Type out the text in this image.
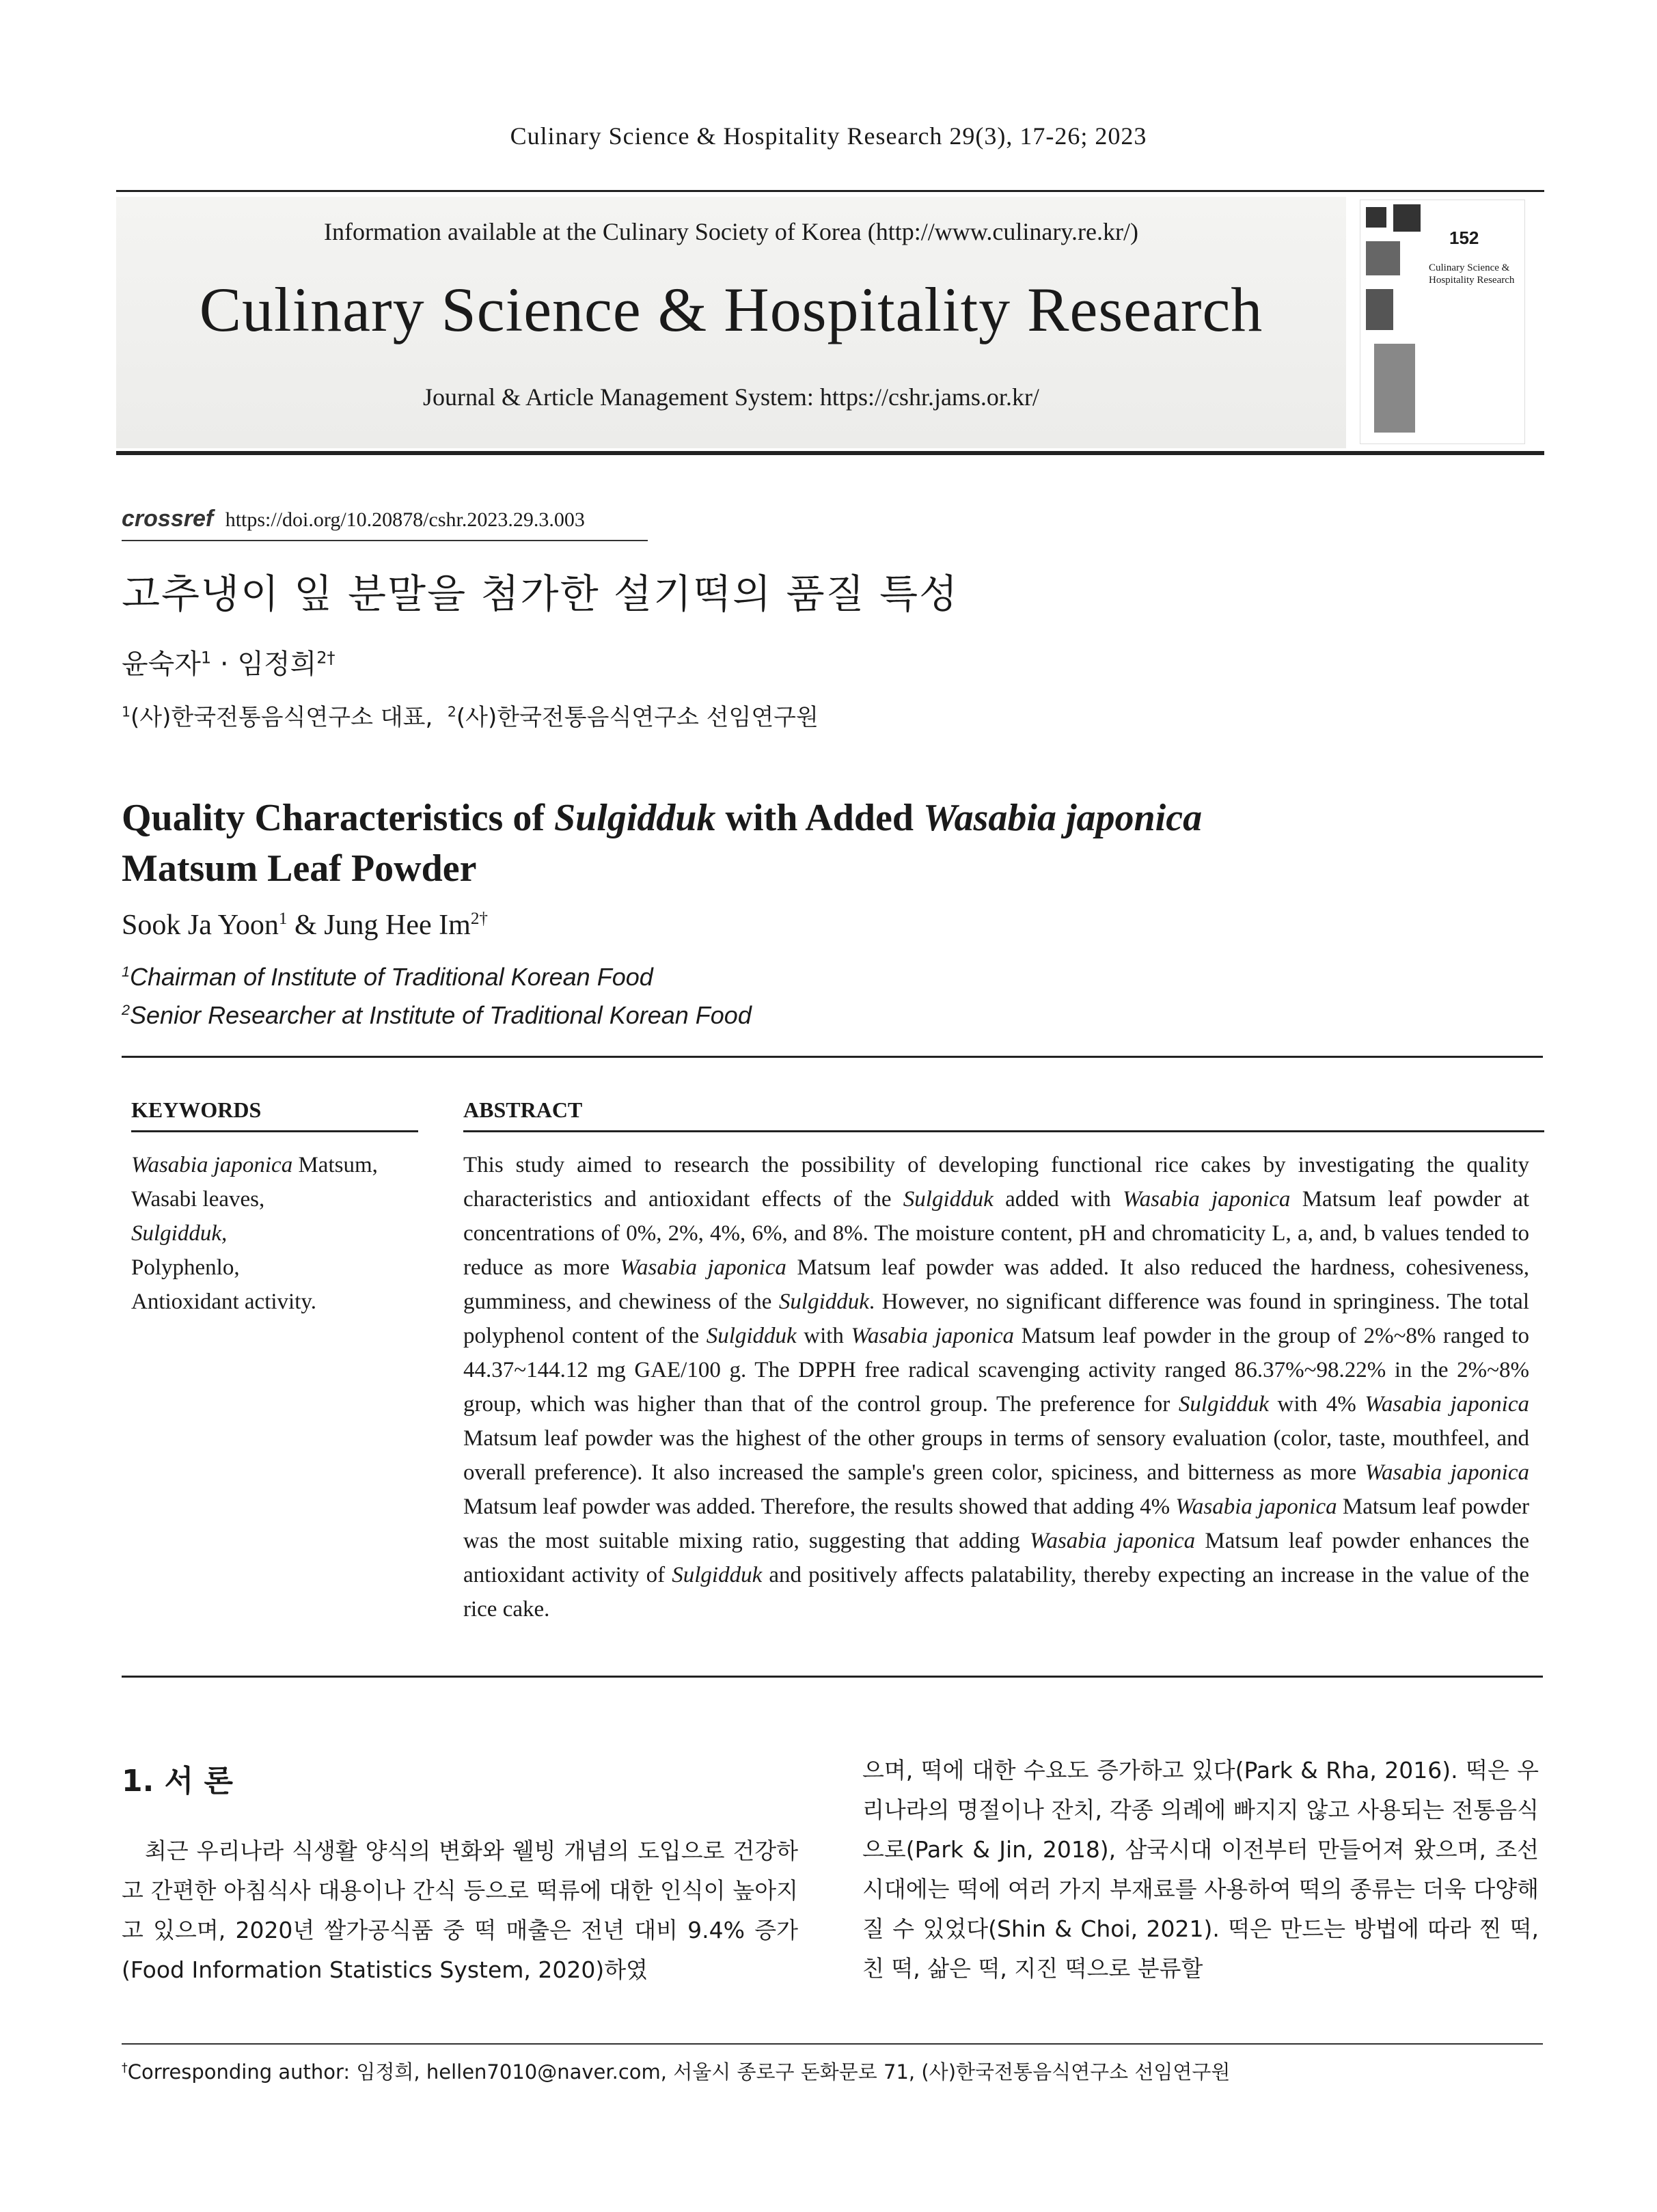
Culinary Science & Hospitality Research 29(3), 17-26; 2023
Information available at the Culinary Society of Korea (http://www.culinary.re.kr/)
Culinary Science & Hospitality Research
Journal & Article Management System: https://cshr.jams.or.kr/
152
Culinary Science & Hospitality Research
crossref https://doi.org/10.20878/cshr.2023.29.3.003
고추냉이 잎 분말을 첨가한 설기떡의 품질 특성
윤숙자$^1$ · 임정희$^{2\dagger}$
$^1$(사)한국전통음식연구소 대표, $^2$(사)한국전통음식연구소 선임연구원
Quality Characteristics of Sulgidduk with Added Wasabia japonica
Matsum Leaf Powder
Sook Ja Yoon$^1$ & Jung Hee $Im^{2\dagger}$
$^1$Chairman of Institute of Traditional Korean Food
$^2$Senior Researcher at Institute of Traditional Korean Food
KEYWORDS
Wasabia japonica Matsum,
Wasabi leaves,
Sulgidduk,
Polyphenlo,
Antioxidant activity.
ABSTRACT
This study aimed to research the possibility of developing functional rice cakes by investigating the quality characteristics and antioxidant effects of the Sulgidduk added with Wasabia japonica Matsum leaf powder at concentrations of 0%, 2%, 4%, 6%, and 8%. The moisture content, pH and chromaticity L, a, and, b values tended to reduce as more Wasabia japonica Matsum leaf powder was added. It also reduced the hardness, cohesiveness, gumminess, and chewiness of the Sulgidduk. However, no significant difference was found in springiness. The total polyphenol content of the Sulgidduk with Wasabia japonica Matsum leaf powder in the group of 2%~8% ranged to 44.37~144.12 mg GAE/100 g. The DPPH free radical scavenging activity ranged 86.37%~98.22% in the 2%~8% group, which was higher than that of the control group. The preference for Sulgidduk with 4% Wasabia japonica Matsum leaf powder was the highest of the other groups in terms of sensory evaluation (color, taste, mouthfeel, and overall preference). It also increased the sample's green color, spiciness, and bitterness as more Wasabia japonica Matsum leaf powder was added. Therefore, the results showed that adding 4% Wasabia japonica Matsum leaf powder was the most suitable mixing ratio, suggesting that adding Wasabia japonica Matsum leaf powder enhances the antioxidant activity of Sulgidduk and positively affects palatability, thereby expecting an increase in the value of the rice cake.
1. 서 론
최근 우리나라 식생활 양식의 변화와 웰빙 개념의 도입으로 건강하고 간편한 아침식사 대용이나 간식 등으로 떡류에 대한 인식이 높아지고 있으며, 2020년 쌀가공식품 중 떡 매출은 전년 대비 9.4% 증가(Food Information Statistics System, 2020)하였
으며, 떡에 대한 수요도 증가하고 있다(Park & Rha, 2016). 떡은 우리나라의 명절이나 잔치, 각종 의례에 빠지지 않고 사용되는 전통음식으로(Park & Jin, 2018), 삼국시대 이전부터 만들어져 왔으며, 조선시대에는 떡에 여러 가지 부재료를 사용하여 떡의 종류는 더욱 다양해질 수 있었다(Shin & Choi, 2021). 떡은 만드는 방법에 따라 찐 떡, 친 떡, 삶은 떡, 지진 떡으로 분류할
†Corresponding author: 임정희, hellen7010@naver.com, 서울시 종로구 돈화문로 71, (사)한국전통음식연구소 선임연구원
